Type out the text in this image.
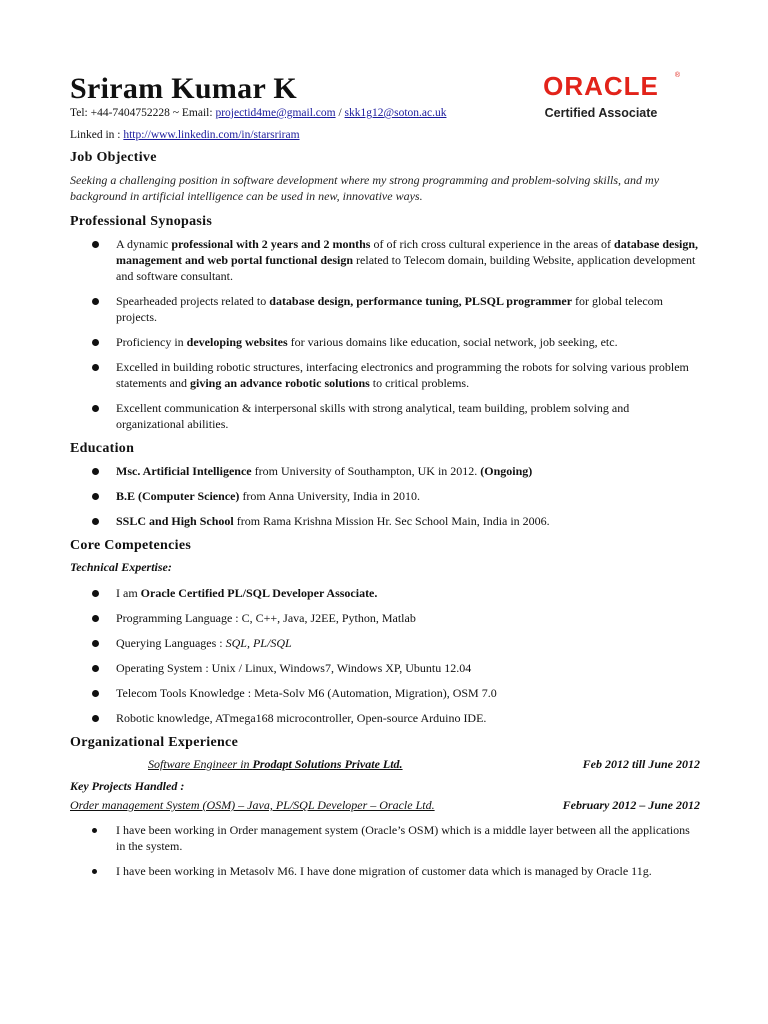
Sriram Kumar K
Tel: +44-7404752228 ~ Email: projectid4me@gmail.com / skk1g12@soton.ac.uk
Linked in : http://www.linkedin.com/in/starsriram
ORACLE	®
Certified Associate
Job Objective

Seeking a challenging position in software development where my strong programming and problem-solving skills, and my background in artificial intelligence can be used in new, innovative ways.

Professional Synopasis
A dynamic professional with 2 years and 2 months of of rich cross cultural experience in the areas of database design, management and web portal functional design related to Telecom domain, building Website, application development and software consultant.
Spearheaded projects related to database design, performance tuning, PLSQL programmer for global telecom projects.
Proficiency in developing websites for various domains like education, social network, job seeking, etc.
Excelled in building robotic structures, interfacing electronics and programming the robots for solving various problem statements and giving an advance robotic solutions to critical problems.
Excellent communication & interpersonal skills with strong analytical, team building, problem solving and organizational abilities.
Education
Msc. Artificial Intelligence from University of Southampton, UK in 2012. (Ongoing)
B.E (Computer Science) from Anna University, India in 2010.
SSLC and High School from Rama Krishna Mission Hr. Sec School Main, India in 2006.
Core Competencies
Technical Expertise:
I am Oracle Certified PL/SQL Developer Associate.
Programming Language : C, C++, Java, J2EE, Python, Matlab
Querying Languages : SQL, PL/SQL
Operating System : Unix / Linux, Windows7, Windows XP, Ubuntu 12.04
Telecom Tools Knowledge : Meta-Solv M6 (Automation, Migration), OSM 7.0
Robotic knowledge, ATmega168 microcontroller, Open-source Arduino IDE.
Organizational Experience
Software Engineer in Prodapt Solutions Private Ltd.	Feb 2012 till June 2012
Key Projects Handled :
Order management System (OSM) – Java, PL/SQL Developer – Oracle Ltd.	February 2012 – June 2012
I have been working in Order management system (Oracle’s OSM) which is a middle layer between all the applications in the system.
I have been working in Metasolv M6. I have done migration of customer data which is managed by Oracle 11g.
